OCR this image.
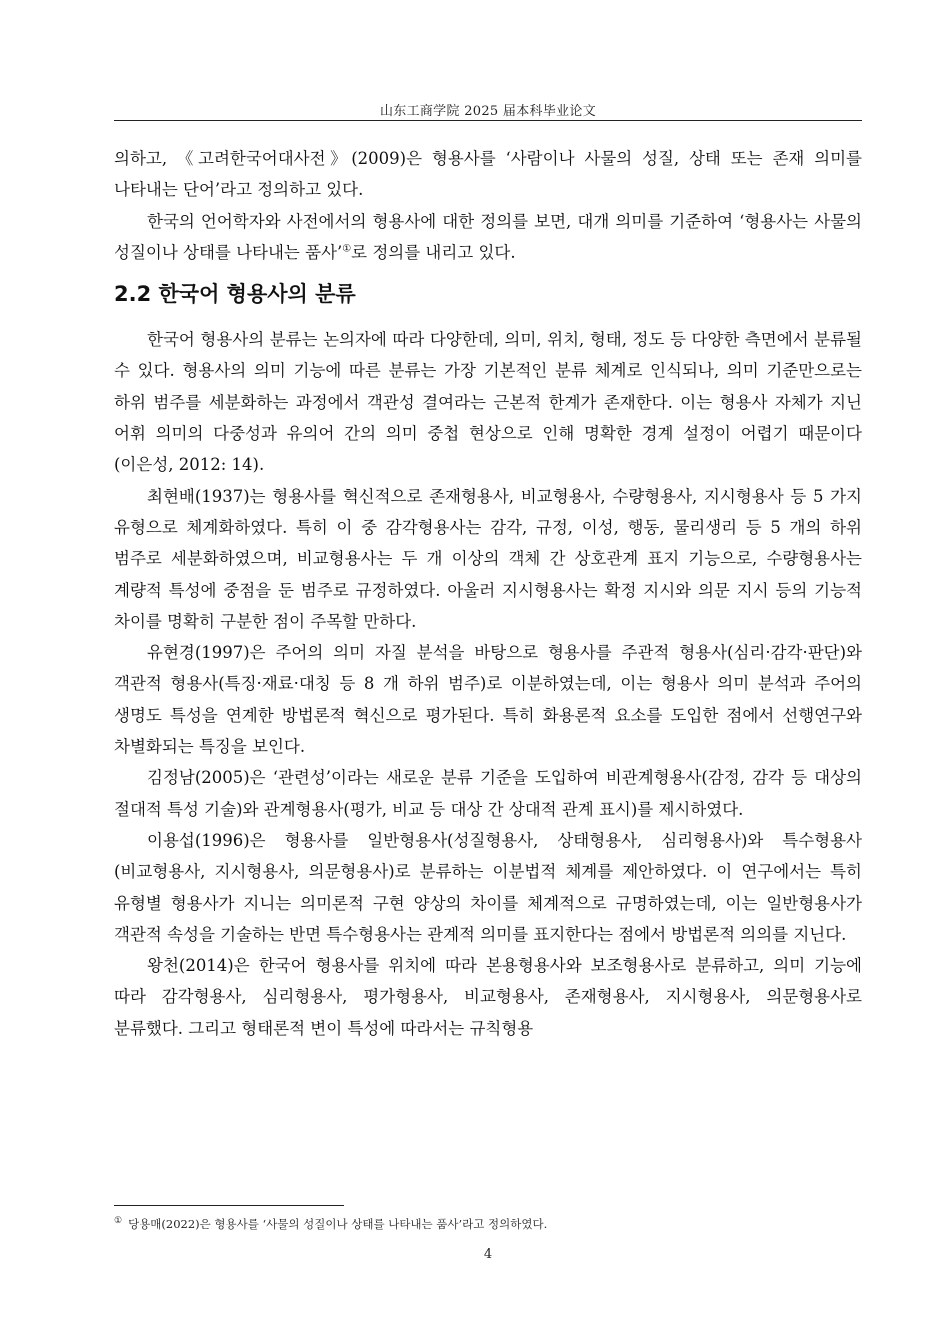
山东工商学院 2025 届本科毕业论文

의하고, 《고려한국어대사전》(2009)은 형용사를 ‘사람이나 사물의 성질, 상태 또는 존재 의미를 나타내는 단어’라고 정의하고 있다.

한국의 언어학자와 사전에서의 형용사에 대한 정의를 보면, 대개 의미를 기준하여 ‘형용사는 사물의 성질이나 상태를 나타내는 품사’①로 정의를 내리고 있다.

2.2 한국어 형용사의 분류

한국어 형용사의 분류는 논의자에 따라 다양한데, 의미, 위치, 형태, 정도 등 다양한 측면에서 분류될 수 있다. 형용사의 의미 기능에 따른 분류는 가장 기본적인 분류 체계로 인식되나, 의미 기준만으로는 하위 범주를 세분화하는 과정에서 객관성 결여라는 근본적 한계가 존재한다. 이는 형용사 자체가 지닌 어휘 의미의 다중성과 유의어 간의 의미 중첩 현상으로 인해 명확한 경계 설정이 어렵기 때문이다(이은성, 2012: 14).

최현배(1937)는 형용사를 혁신적으로 존재형용사, 비교형용사, 수량형용사, 지시형용사 등 5 가지 유형으로 체계화하였다. 특히 이 중 감각형용사는 감각, 규정, 이성, 행동, 물리생리 등 5 개의 하위 범주로 세분화하였으며, 비교형용사는 두 개 이상의 객체 간 상호관계 표지 기능으로, 수량형용사는 계량적 특성에 중점을 둔 범주로 규정하였다. 아울러 지시형용사는 확정 지시와 의문 지시 등의 기능적 차이를 명확히 구분한 점이 주목할 만하다.

유현경(1997)은 주어의 의미 자질 분석을 바탕으로 형용사를 주관적 형용사(심리·감각·판단)와 객관적 형용사(특징·재료·대칭 등 8 개 하위 범주)로 이분하였는데, 이는 형용사 의미 분석과 주어의 생명도 특성을 연계한 방법론적 혁신으로 평가된다. 특히 화용론적 요소를 도입한 점에서 선행연구와 차별화되는 특징을 보인다.

김정남(2005)은 ‘관련성’이라는 새로운 분류 기준을 도입하여 비관계형용사(감정, 감각 등 대상의 절대적 특성 기술)와 관계형용사(평가, 비교 등 대상 간 상대적 관계 표시)를 제시하였다.

이용섭(1996)은 형용사를 일반형용사(성질형용사, 상태형용사, 심리형용사)와 특수형용사(비교형용사, 지시형용사, 의문형용사)로 분류하는 이분법적 체계를 제안하였다. 이 연구에서는 특히 유형별 형용사가 지니는 의미론적 구현 양상의 차이를 체계적으로 규명하였는데, 이는 일반형용사가 객관적 속성을 기술하는 반면 특수형용사는 관계적 의미를 표지한다는 점에서 방법론적 의의를 지닌다.

왕천(2014)은 한국어 형용사를 위치에 따라 본용형용사와 보조형용사로 분류하고, 의미 기능에 따라 감각형용사, 심리형용사, 평가형용사, 비교형용사, 존재형용사, 지시형용사, 의문형용사로 분류했다. 그리고 형태론적 변이 특성에 따라서는 규칙형용

① 당용매(2022)은 형용사를 ‘사물의 성질이나 상태를 나타내는 품사’라고 정의하였다.
4
